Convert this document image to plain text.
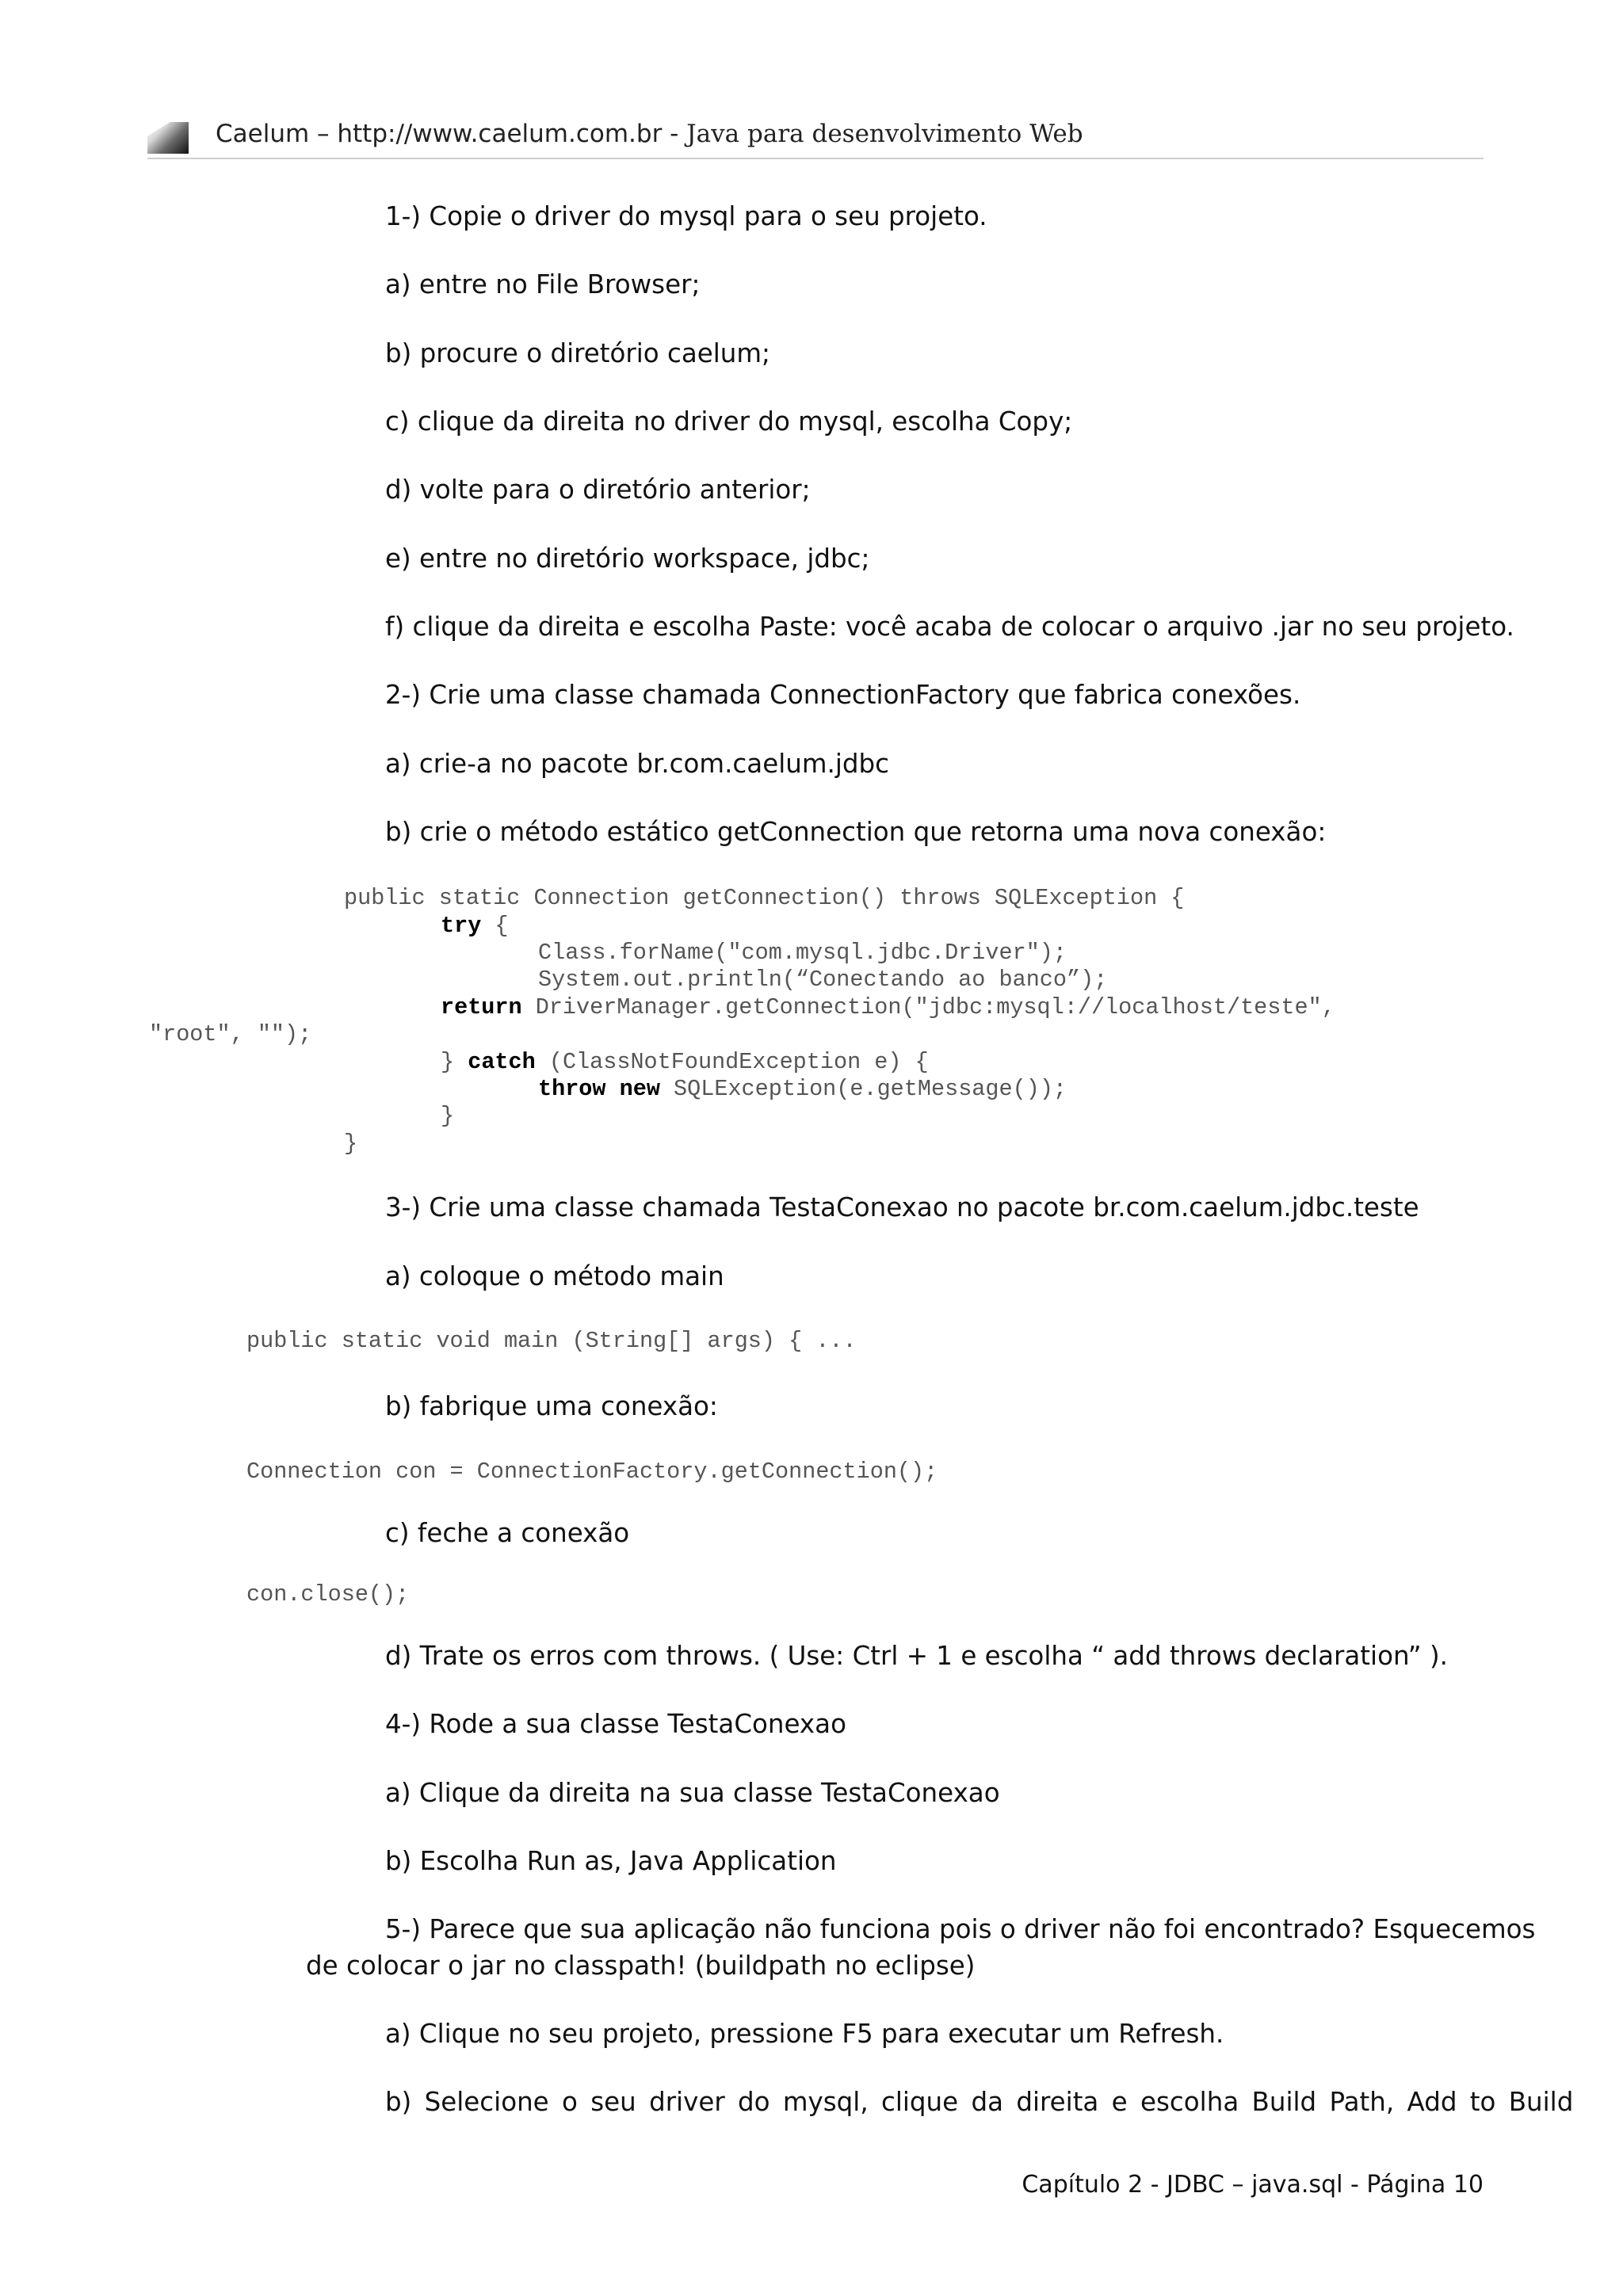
Caelum – http://www.caelum.com.br - Java para desenvolvimento Web
1-) Copie o driver do mysql para o seu projeto.
a) entre no File Browser;
b) procure o diretório caelum;
c) clique da direita no driver do mysql, escolha Copy;
d) volte para o diretório anterior;
e) entre no diretório workspace, jdbc;
f) clique da direita e escolha Paste: você acaba de colocar o arquivo .jar no seu projeto.
2-) Crie uma classe chamada ConnectionFactory que fabrica conexões.
a) crie-a no pacote br.com.caelum.jdbc
b) crie o método estático getConnection que retorna uma nova conexão:
public static Connection getConnection() throws SQLException {
try {
Class.forName("com.mysql.jdbc.Driver");
System.out.println(“Conectando ao banco”);
return DriverManager.getConnection("jdbc:mysql://localhost/teste",
"root", "");
} catch (ClassNotFoundException e) {
throw new SQLException(e.getMessage());
}
}
3-) Crie uma classe chamada TestaConexao no pacote br.com.caelum.jdbc.teste
a) coloque o método main
public static void main (String[] args) { ...
b) fabrique uma conexão:
Connection con = ConnectionFactory.getConnection();
c) feche a conexão
con.close();
d) Trate os erros com throws. ( Use: Ctrl + 1 e escolha “ add throws declaration” ).
4-) Rode a sua classe TestaConexao
a) Clique da direita na sua classe TestaConexao
b) Escolha Run as, Java Application
5-) Parece que sua aplicação não funciona pois o driver não foi encontrado? Esquecemos
de colocar o jar no classpath! (buildpath no eclipse)
a) Clique no seu projeto, pressione F5 para executar um Refresh.
b) Selecione o seu driver do mysql, clique da direita e escolha Build Path, Add to Build
Capítulo 2 - JDBC – java.sql - Página 10
